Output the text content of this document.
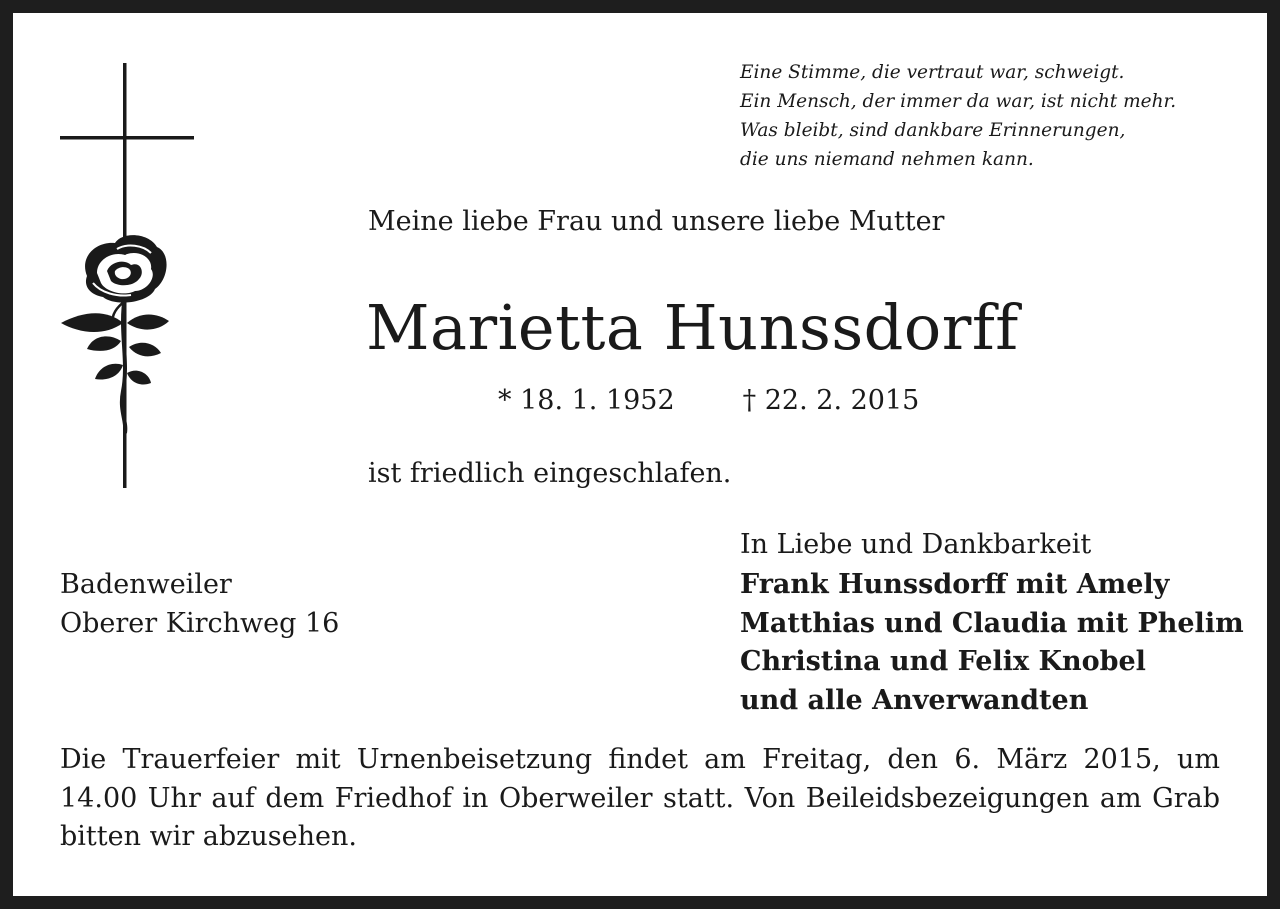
Eine Stimme, die vertraut war, schweigt.
Ein Mensch, der immer da war, ist nicht mehr.
Was bleibt, sind dankbare Erinnerungen,
die uns niemand nehmen kann.
Meine liebe Frau und unsere liebe Mutter
Marietta Hunssdorff
* 18. 1. 1952	† 22. 2. 2015
ist friedlich eingeschlafen.
In Liebe und Dankbarkeit
Frank Hunssdorff mit Amely
Matthias und Claudia mit Phelim
Christina und Felix Knobel
und alle Anverwandten
Badenweiler
Oberer Kirchweg 16
Die Trauerfeier mit Urnenbeisetzung findet am Freitag, den 6. März 2015, um 14.00 Uhr auf dem Friedhof in Oberweiler statt. Von Beileidsbezeigungen am Grab bitten wir abzusehen.
